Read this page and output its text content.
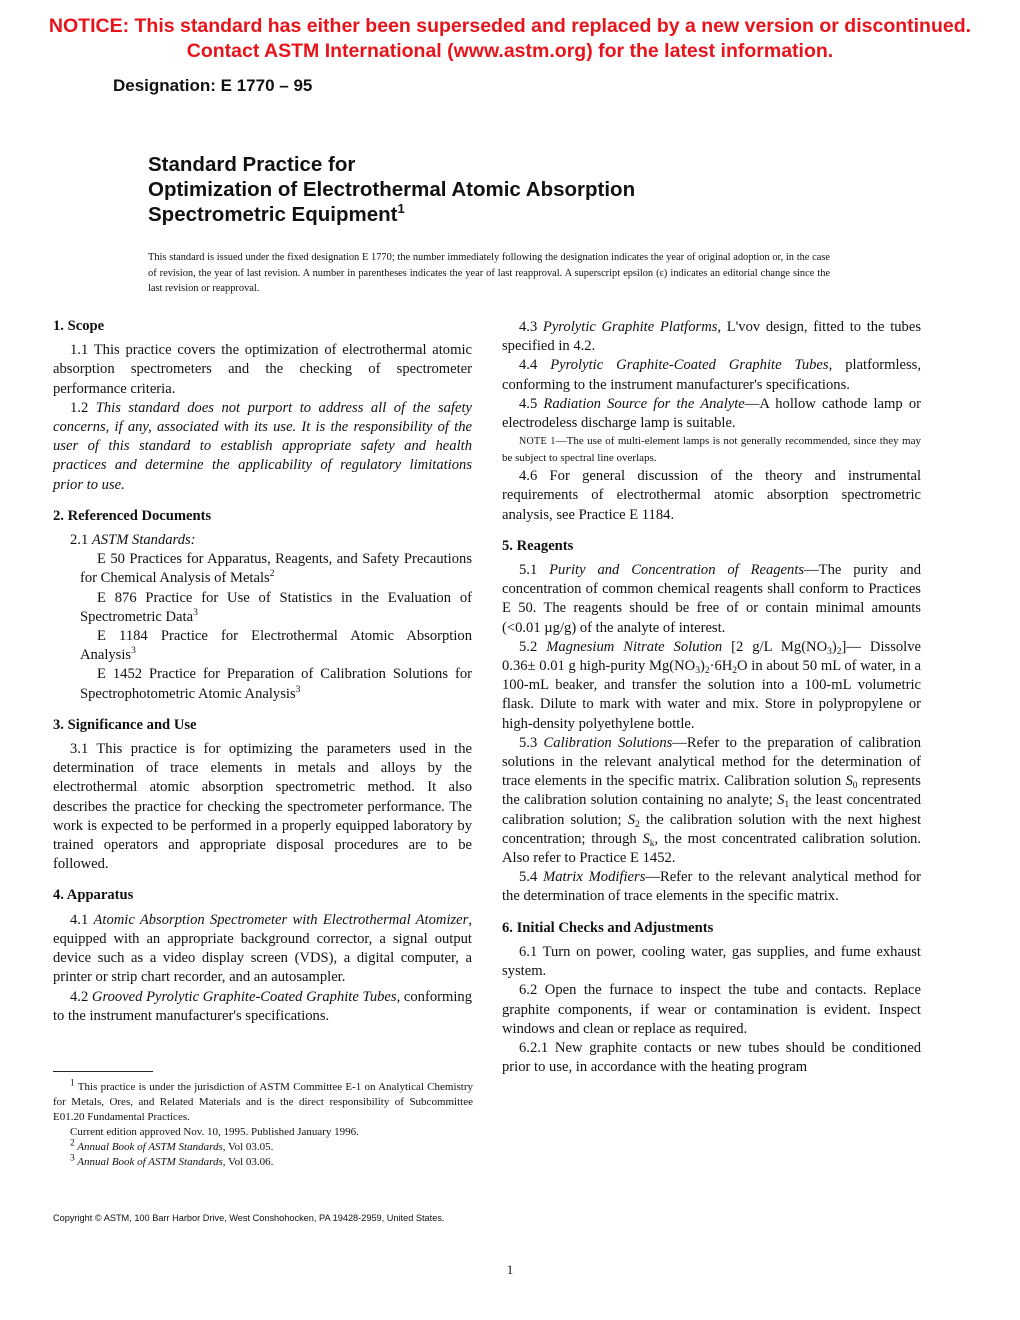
NOTICE: This standard has either been superseded and replaced by a new version or discontinued.
Contact ASTM International (www.astm.org) for the latest information.
Designation: E 1770 – 95
Standard Practice for
Optimization of Electrothermal Atomic Absorption
Spectrometric Equipment$^1$
This standard is issued under the fixed designation E 1770; the number immediately following the designation indicates the year of original adoption or, in the case of revision, the year of last revision. A number in parentheses indicates the year of last reapproval. A superscript epsilon (ε) indicates an editorial change since the last revision or reapproval.
1. Scope

1.1 This practice covers the optimization of electrothermal atomic absorption spectrometers and the checking of spectrometer performance criteria.

1.2 This standard does not purport to address all of the safety concerns, if any, associated with its use. It is the responsibility of the user of this standard to establish appropriate safety and health practices and determine the applicability of regulatory limitations prior to use.

2. Referenced Documents

2.1 ASTM Standards:

E 50 Practices for Apparatus, Reagents, and Safety Precautions for Chemical Analysis of Metals$^2$

E 876 Practice for Use of Statistics in the Evaluation of Spectrometric Data$^3$

E 1184 Practice for Electrothermal Atomic Absorption Analysis$^3$

E 1452 Practice for Preparation of Calibration Solutions for Spectrophotometric Atomic Analysis$^3$

3. Significance and Use

3.1 This practice is for optimizing the parameters used in the determination of trace elements in metals and alloys by the electrothermal atomic absorption spectrometric method. It also describes the practice for checking the spectrometer performance. The work is expected to be performed in a properly equipped laboratory by trained operators and appropriate disposal procedures are to be followed.

4. Apparatus

4.1 Atomic Absorption Spectrometer with Electrothermal Atomizer, equipped with an appropriate background corrector, a signal output device such as a video display screen (VDS), a digital computer, a printer or strip chart recorder, and an autosampler.

4.2 Grooved Pyrolytic Graphite-Coated Graphite Tubes, conforming to the instrument manufacturer's specifications.

$^1$ This practice is under the jurisdiction of ASTM Committee E-1 on Analytical Chemistry for Metals, Ores, and Related Materials and is the direct responsibility of Subcommittee E01.20 Fundamental Practices.

Current edition approved Nov. 10, 1995. Published January 1996.

$^2$ Annual Book of ASTM Standards, Vol 03.05.

$^3$ Annual Book of ASTM Standards, Vol 03.06.

4.3 Pyrolytic Graphite Platforms, L'vov design, fitted to the tubes specified in 4.2.

4.4 Pyrolytic Graphite-Coated Graphite Tubes, platformless, conforming to the instrument manufacturer's specifications.

4.5 Radiation Source for the Analyte—A hollow cathode lamp or electrodeless discharge lamp is suitable.

NOTE 1—The use of multi-element lamps is not generally recommended, since they may be subject to spectral line overlaps.

4.6 For general discussion of the theory and instrumental requirements of electrothermal atomic absorption spectrometric analysis, see Practice E 1184.

5. Reagents

5.1 Purity and Concentration of Reagents—The purity and concentration of common chemical reagents shall conform to Practices E 50. The reagents should be free of or contain minimal amounts (<0.01 µg/g) of the analyte of interest.

5.2 Magnesium Nitrate Solution [2 g/L $Mg(NO_3)_2]—$ Dissolve 0.36± 0.01 g high-purity $Mg(NO_3)_2\cdot 6H_2O$ in about 50 mL of water, in a 100-mL beaker, and transfer the solution into a 100-mL volumetric flask. Dilute to mark with water and mix. Store in polypropylene or high-density polyethylene bottle.

5.3 Calibration Solutions—Refer to the preparation of calibration solutions in the relevant analytical method for the determination of trace elements in the specific matrix. Calibration solution $S_0$ represents the calibration solution containing no analyte; $S_1$ the least concentrated calibration solution; $S_2$ the calibration solution with the next highest concentration; through $S_k$, the most concentrated calibration solution. Also refer to Practice E 1452.

5.4 Matrix Modifiers—Refer to the relevant analytical method for the determination of trace elements in the specific matrix.

6. Initial Checks and Adjustments

6.1 Turn on power, cooling water, gas supplies, and fume exhaust system.

6.2 Open the furnace to inspect the tube and contacts. Replace graphite components, if wear or contamination is evident. Inspect windows and clean or replace as required.

6.2.1 New graphite contacts or new tubes should be conditioned prior to use, in accordance with the heating program

Copyright © ASTM, 100 Barr Harbor Drive, West Conshohocken, PA 19428-2959, United States.
1
